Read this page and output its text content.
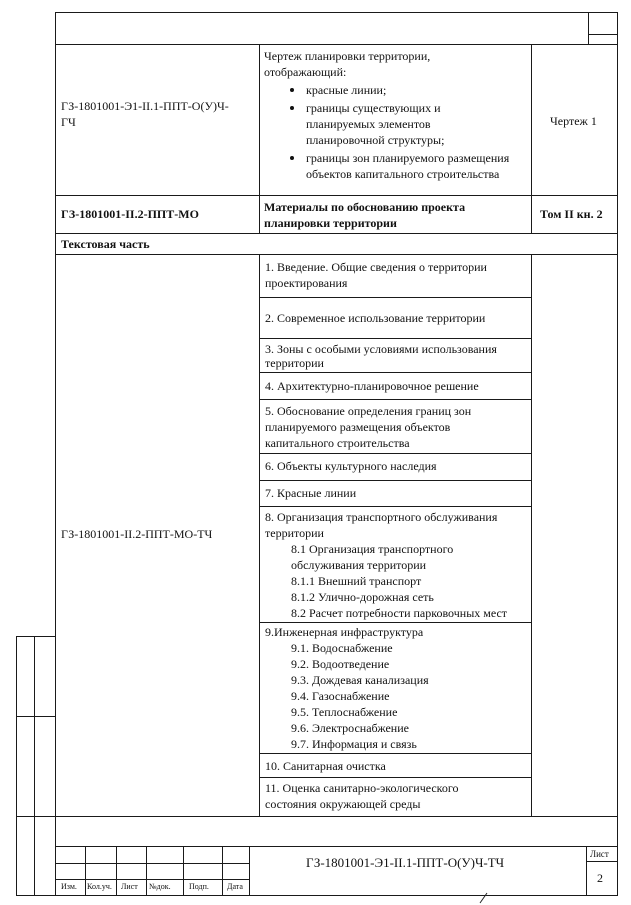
ГЗ-1801001-Э1-II.1-ППТ-О(У)Ч-
ГЧ
Чертеж планировки территории,
отображающий:
красные линии;
границы существующих и
планируемых элементов
планировочной структуры;
границы зон планируемого размещения
объектов капитального строительства
Чертеж 1
ГЗ-1801001-II.2-ППТ-МО	Материалы по обоснованию проекта
планировки территории
Том II кн. 2
Текстовая часть
ГЗ-1801001-II.2-ППТ-МО-ТЧ
1. Введение. Общие сведения о территории
проектирования
2. Современное использование территории
3. Зоны с особыми условиями использования
территории
4. Архитектурно-планировочное решение
5. Обоснование определения границ зон
планируемого размещения объектов
капитального строительства
6. Объекты культурного наследия
7. Красные линии
8. Организация транспортного обслуживания
территории
8.1 Организация транспортного
обслуживания территории
8.1.1 Внешний транспорт
8.1.2 Улично-дорожная сеть
8.2 Расчет потребности парковочных мест
9.Инженерная инфраструктура
9.1. Водоснабжение
9.2. Водоотведение
9.3. Дождевая канализация
9.4. Газоснабжение
9.5. Теплоснабжение
9.6. Электроснабжение
9.7. Информация и связь
10. Санитарная очистка
11. Оценка санитарно-экологического
состояния окружающей среды
ГЗ-1801001-Э1-II.1-ППТ-О(У)Ч-ТЧ
Лист
2
Изм. Кол.уч. Лист №док. Подп. Дата
